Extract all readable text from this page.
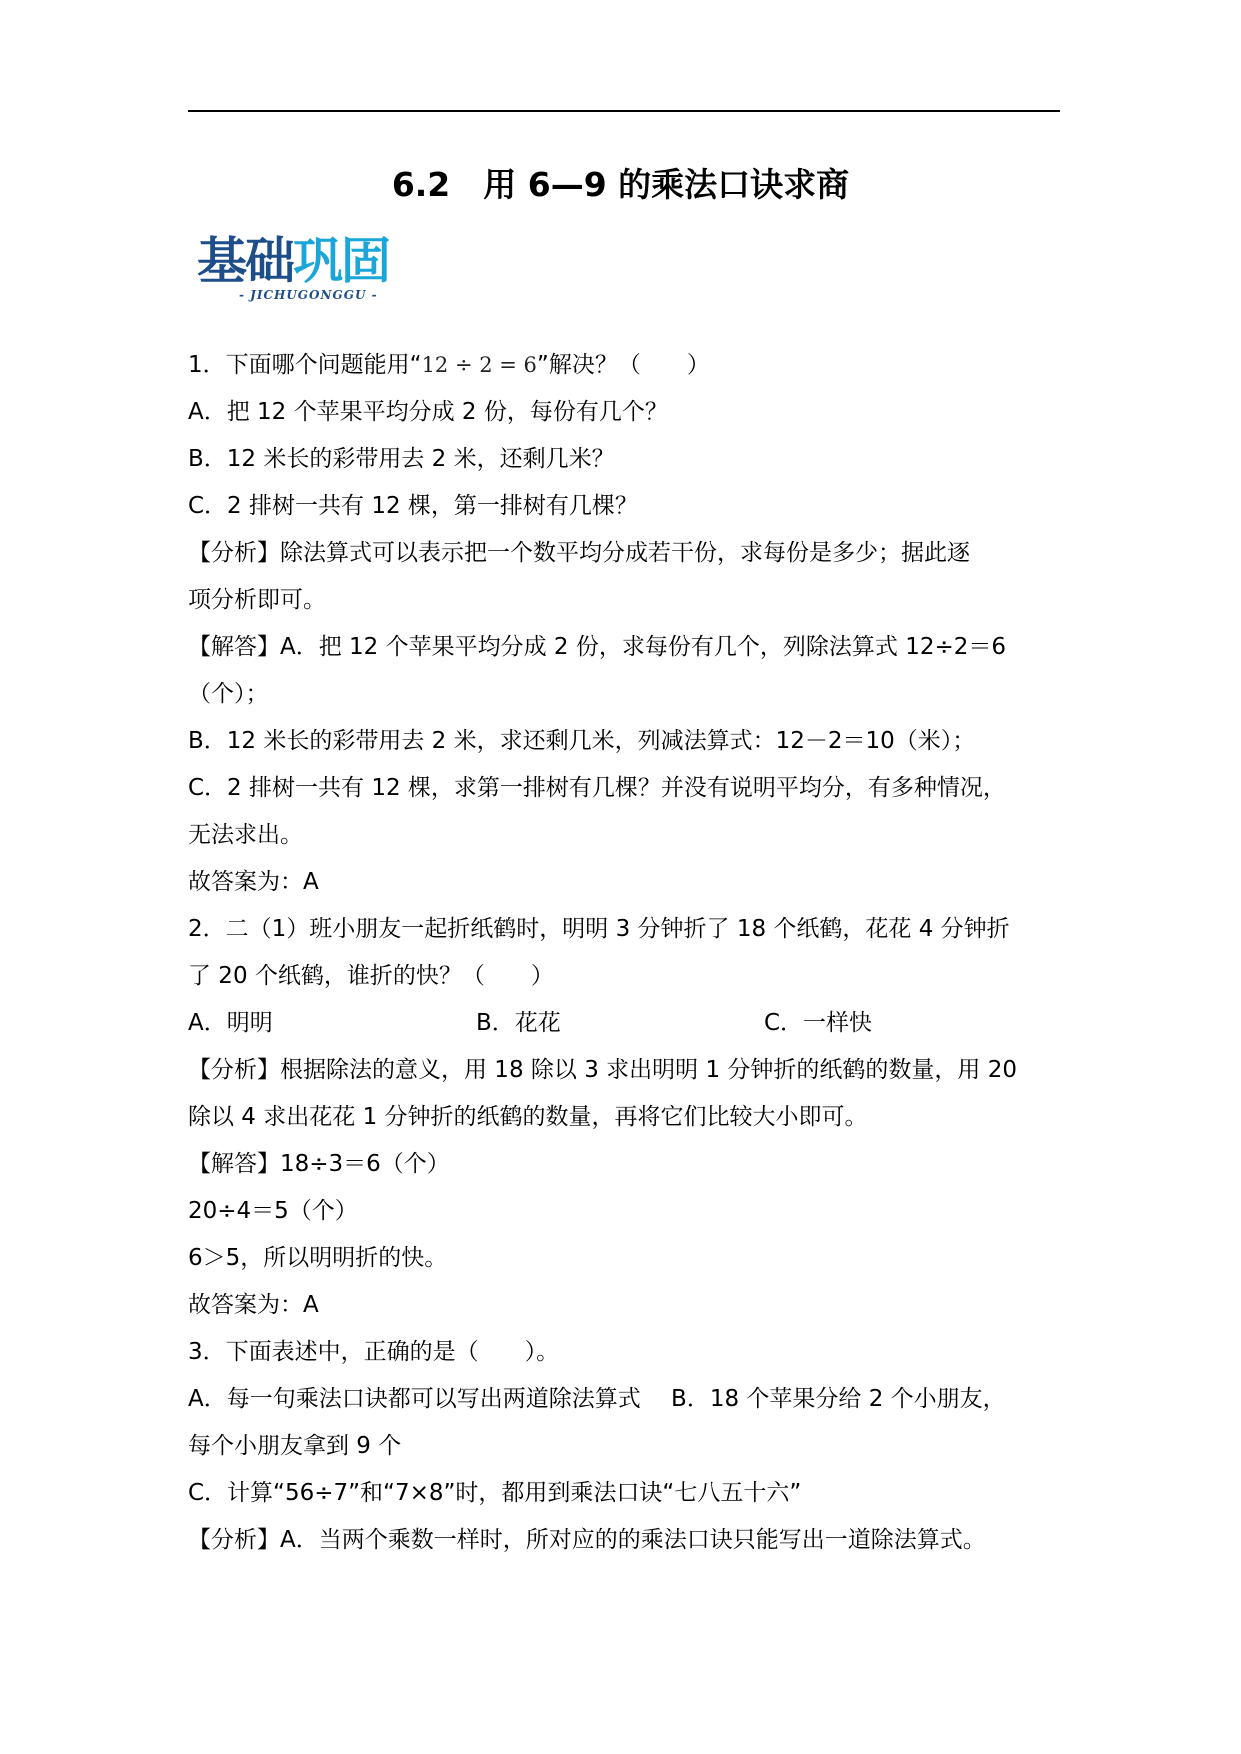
6.2　用 6—9 的乘法口诀求商
基础巩固
- JICHUGONGGU -
1．下面哪个问题能用“12 ÷ 2 = 6”解决？（　　）
A．把 12 个苹果平均分成 2 份，每份有几个？
B．12 米长的彩带用去 2 米，还剩几米？
C．2 排树一共有 12 棵，第一排树有几棵？
【分析】除法算式可以表示把一个数平均分成若干份，求每份是多少；据此逐
项分析即可。
【解答】A．把 12 个苹果平均分成 2 份，求每份有几个，列除法算式 12÷2＝6
（个）；
B．12 米长的彩带用去 2 米，求还剩几米，列减法算式：12－2＝10（米）；
C．2 排树一共有 12 棵，求第一排树有几棵？并没有说明平均分，有多种情况，
无法求出。
故答案为：A
2．二（1）班小朋友一起折纸鹤时，明明 3 分钟折了 18 个纸鹤，花花 4 分钟折
了 20 个纸鹤，谁折的快？（　　）
A．明明	B．花花	C．一样快
【分析】根据除法的意义，用 18 除以 3 求出明明 1 分钟折的纸鹤的数量，用 20
除以 4 求出花花 1 分钟折的纸鹤的数量，再将它们比较大小即可。
【解答】18÷3＝6（个）
20÷4＝5（个）
6＞5，所以明明折的快。
故答案为：A
3．下面表述中，正确的是（　　）。
A．每一句乘法口诀都可以写出两道除法算式　 B．18 个苹果分给 2 个小朋友，
每个小朋友拿到 9 个
C．计算“56÷7”和“7×8”时，都用到乘法口诀“七八五十六”
【分析】A．当两个乘数一样时，所对应的的乘法口诀只能写出一道除法算式。
